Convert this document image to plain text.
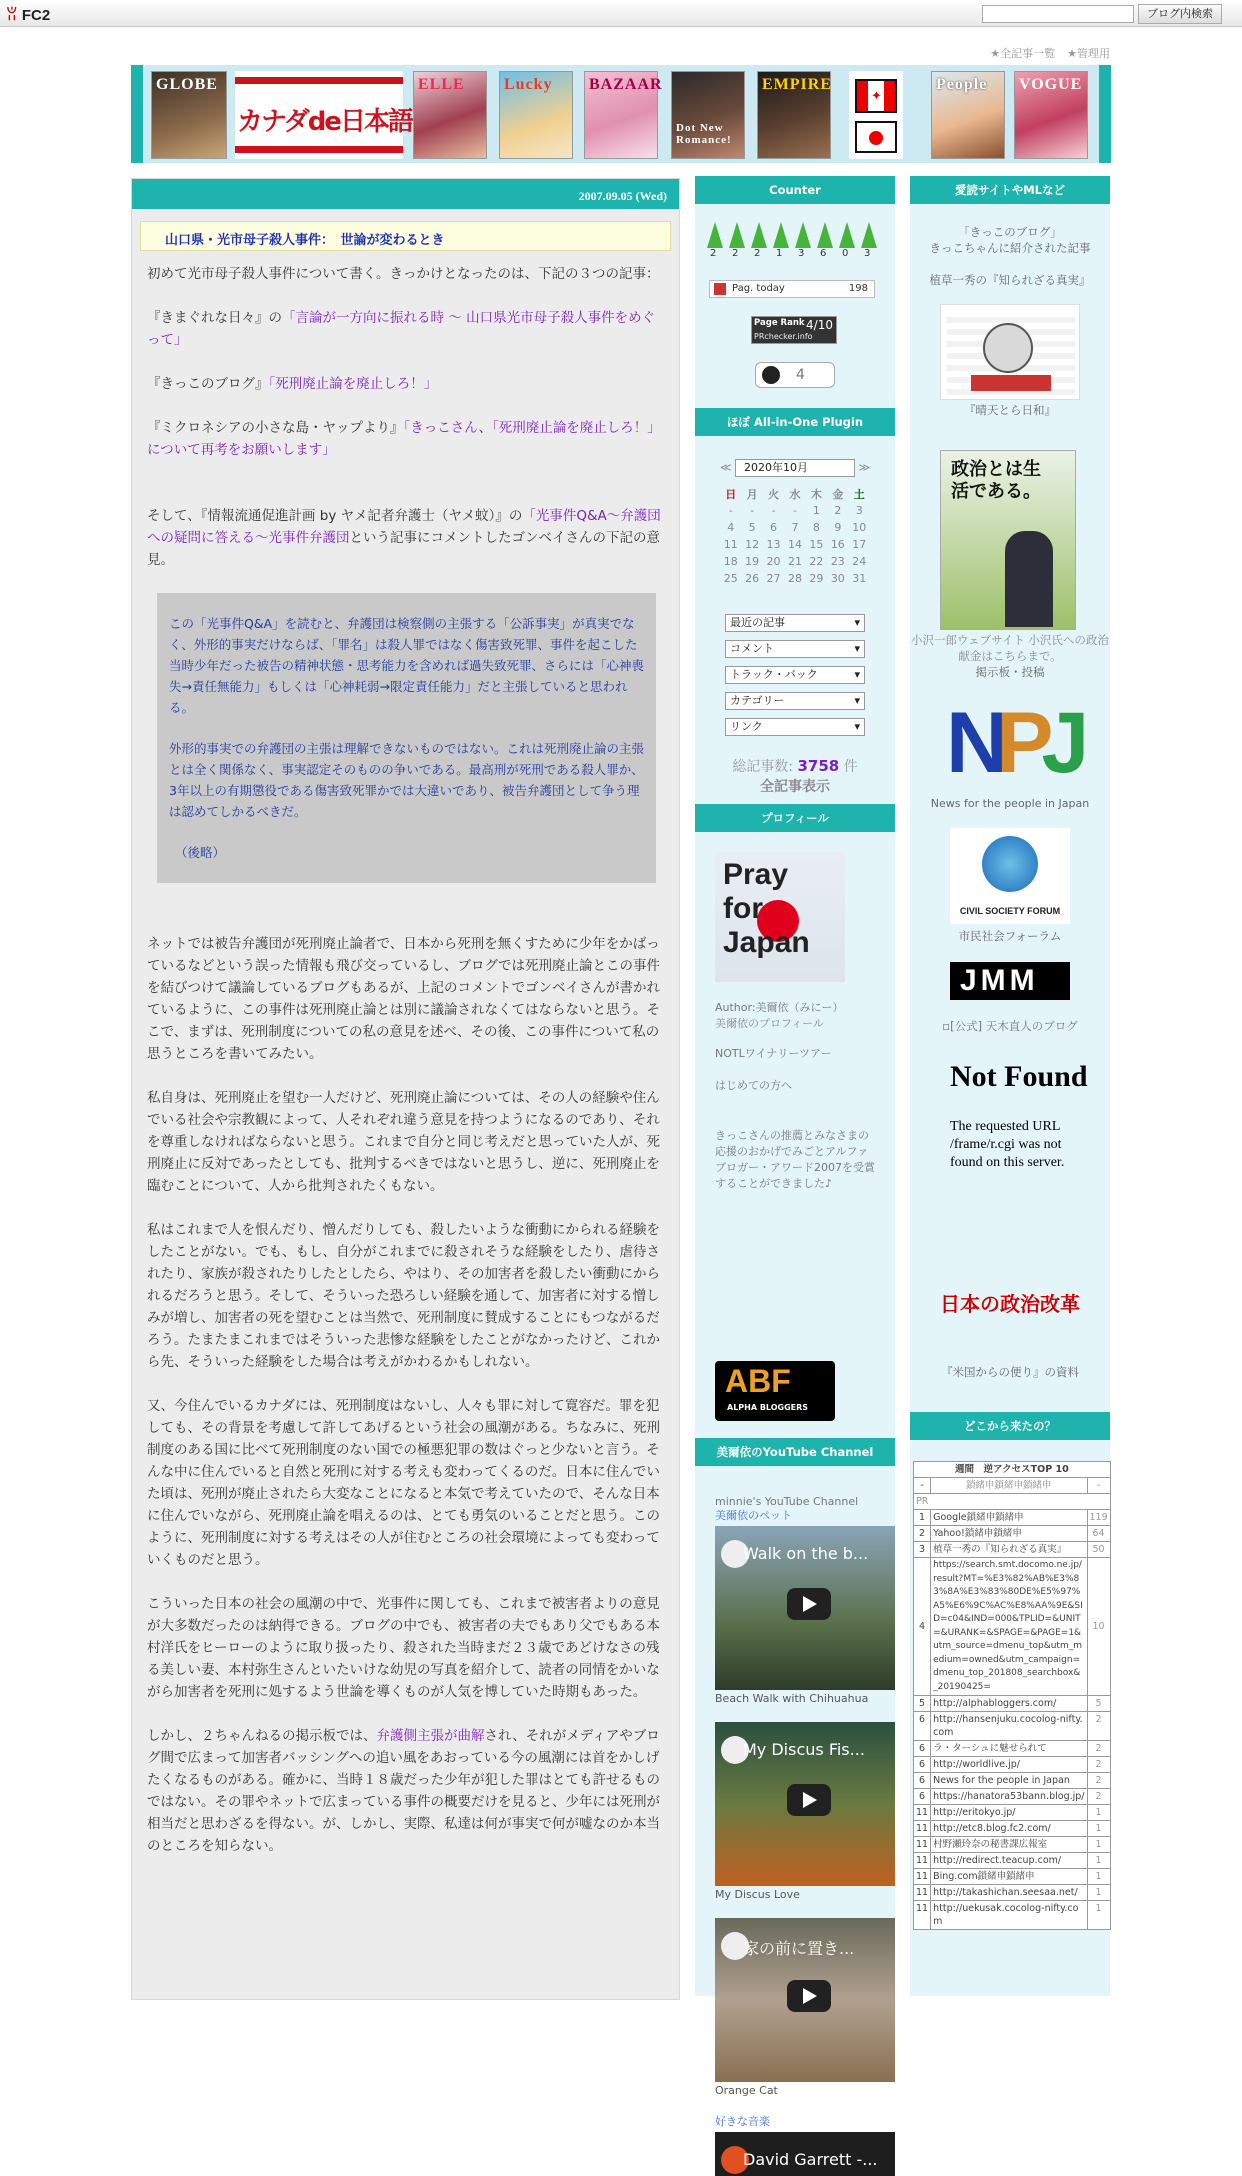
ꂨ FC2	ブログ内検索
★全記事一覧 ★管理用
GLOBE
カナダde日本語
ELLE Lucky BAZAAR
Dot New Romance!
EMPIRE
✦
People VOGUE
2007.09.05 (Wed)
山口県・光市母子殺人事件：　世論が変わるとき

初めて光市母子殺人事件について書く。きっかけとなったのは、下記の３つの記事：

『きまぐれな日々』の「言論が一方向に振れる時 ～ 山口県光市母子殺人事件をめぐって」

『きっこのブログ』「死刑廃止論を廃止しろ！」

『ミクロネシアの小さな島・ヤップより』「きっこさん、「死刑廃止論を廃止しろ！」について再考をお願いします」

そして、『情報流通促進計画 by ヤメ記者弁護士（ヤメ蚊）』の「光事件Q&A～弁護団への疑問に答える～光事件弁護団という記事にコメントしたゴンベイさんの下記の意見。

この「光事件Q&A」を読むと、弁護団は検察側の主張する「公訴事実」が真実でなく、外形的事実だけならば、「罪名」は殺人罪ではなく傷害致死罪、事件を起こした当時少年だった被告の精神状態・思考能力を含めれば過失致死罪、さらには「心神喪失→責任無能力」もしくは「心神耗弱→限定責任能力」だと主張していると思われる。

外形的事実での弁護団の主張は理解できないものではない。これは死刑廃止論の主張とは全く関係なく、事実認定そのものの争いである。最高刑が死刑である殺人罪か、3年以上の有期懲役である傷害致死罪かでは大違いであり、被告弁護団として争う理は認めてしかるべきだ。

（後略）

ネットでは被告弁護団が死刑廃止論者で、日本から死刑を無くすために少年をかばっているなどという誤った情報も飛び交っているし、ブログでは死刑廃止論とこの事件を結びつけて議論しているブログもあるが、上記のコメントでゴンベイさんが書かれているように、この事件は死刑廃止論とは別に議論されなくてはならないと思う。そこで、まずは、死刑制度についての私の意見を述べ、その後、この事件について私の思うところを書いてみたい。

私自身は、死刑廃止を望む一人だけど、死刑廃止論については、その人の経験や住んでいる社会や宗教観によって、人それぞれ違う意見を持つようになるのであり、それを尊重しなければならないと思う。これまで自分と同じ考えだと思っていた人が、死刑廃止に反対であったとしても、批判するべきではないと思うし、逆に、死刑廃止を臨むことについて、人から批判されたくもない。

私はこれまで人を恨んだり、憎んだりしても、殺したいような衝動にかられる経験をしたことがない。でも、もし、自分がこれまでに殺されそうな経験をしたり、虐待されたり、家族が殺されたりしたとしたら、やはり、その加害者を殺したい衝動にかられるだろうと思う。そして、そういった恐ろしい経験を通して、加害者に対する憎しみが増し、加害者の死を望むことは当然で、死刑制度に賛成することにもつながるだろう。たまたまこれまではそういった悲惨な経験をしたことがなかったけど、これから先、そういった経験をした場合は考えがかわるかもしれない。

又、今住んでいるカナダには、死刑制度はないし、人々も罪に対して寛容だ。罪を犯しても、その背景を考慮して許してあげるという社会の風潮がある。ちなみに、死刑制度のある国に比べて死刑制度のない国での極悪犯罪の数はぐっと少ないと言う。そんな中に住んでいると自然と死刑に対する考えも変わってくるのだ。日本に住んでいた頃は、死刑が廃止されたら大変なことになると本気で考えていたので、そんな日本に住んでいながら、死刑廃止論を唱えるのは、とても勇気のいることだと思う。このように、死刑制度に対する考えはその人が住むところの社会環境によっても変わっていくものだと思う。

こういった日本の社会の風潮の中で、光事件に関しても、これまで被害者よりの意見が大多数だったのは納得できる。ブログの中でも、被害者の夫でもあり父でもある本村洋氏をヒーローのように取り扱ったり、殺された当時まだ２３歳であどけなさの残る美しい妻、本村弥生さんといたいけな幼児の写真を紹介して、読者の同情をかいながら加害者を死刑に処するよう世論を導くものが人気を博していた時期もあった。

しかし、２ちゃんねるの掲示板では、弁護側主張が曲解され、それがメディアやブログ間で広まって加害者バッシングへの追い風をあおっている今の風潮には首をかしげたくなるものがある。確かに、当時１８歳だった少年が犯した罪はとても許せるものではない。その罪やネットで広まっている事件の概要だけを見ると、少年には死刑が相当だと思わざるを得ない。が、しかし、実際、私達は何が事実で何が嘘なのか本当のところを知らない。

Counter
2 2 2 1 3 6 0 3
Pag. today	198
Page Rank 4/10
PRchecker.info
4
ほぼ All-in-One Plugin
≪ 2020年10月	≫
日	月	火	水	木	金	土
-	-	-	-	1	2	3
4	5	6	7	8	9	10
11	12	13	14	15	16	17
18	19	20	21	22	23	24
25	26	27	28	29	30	31
最近の記事 ▾
コメント ▾
トラック・バック ▾
カテゴリー ▾
リンク ▾
総記事数: 3758 件
全記事表示
プロフィール
Pray for Japan
Author:美爾依（みにー）
美爾依のプロフィール
NOTLワイナリーツアー
はじめての方へ
きっこさんの推薦とみなさまの応援のおかげでみごとアルファブロガー・アワード2007を受賞することができました♪
ABF
ALPHA BLOGGERS
美爾依のYouTube Channel
minnie's YouTube Channel
美爾依のペット
Walk on the b...
Beach Walk with Chihuahua
My Discus Fis...
My Discus Love
家の前に置き...
Orange Cat
好きな音楽
David Garrett -...
愛読サイトやMLなど
「きっこのブログ」
きっこちゃんに紹介された記事
植草一秀の『知られざる真実』
『晴天とら日和』
政治とは生活である。
小沢一郎ウェブサイト 小沢氏への政治献金はこちらまで。
掲示板・投稿
NPJ
News for the people in Japan
CIVIL SOCIETY FORUM
市民社会フォーラム
JMM
▫[公式] 天木直人のブログ
Not Found
The requested URL /frame/r.cgi was not found on this server.
日本の政治改革
『米国からの便り』の資料
どこから来たの？
週間　逆アクセスTOP 10		
-	鎖緒申鎖緒申鎖緒申	-
PR		
1	Google鎖緒申鎖緒申	119
2	Yahoo!鎖緒申鎖緒申	64
3	植草一秀の『知られざる真実』	50
4	https://search.smt.docomo.ne.jp/result?MT=%E3%82%AB%E3%83%8A%E3%83%80DE%E5%97%A5%E6%9C%AC%E8%AA%9E&SID=c04&IND=000&TPLID=&UNIT=&URANK=&SPAGE=&PAGE=1&utm_source=dmenu_top&utm_medium=owned&utm_campaign=dmenu_top_201808_searchbox&_20190425=	10
5	http://alphabloggers.com/	5
6	http://hansenjuku.cocolog-nifty.com	2
6	ラ・ターシュに魅せられて	2
6	http://worldlive.jp/	2
6	News for the people in Japan	2
6	https://hanatora53bann.blog.jp/	2
11	http://eritokyo.jp/	1
11	http://etc8.blog.fc2.com/	1
11	村野瀬玲奈の秘書課広報室	1
11	http://redirect.teacup.com/	1
11	Bing.com鎖緒申鎖緒申	1
11	http://takashichan.seesaa.net/	1
11	http://uekusak.cocolog-nifty.com	1
